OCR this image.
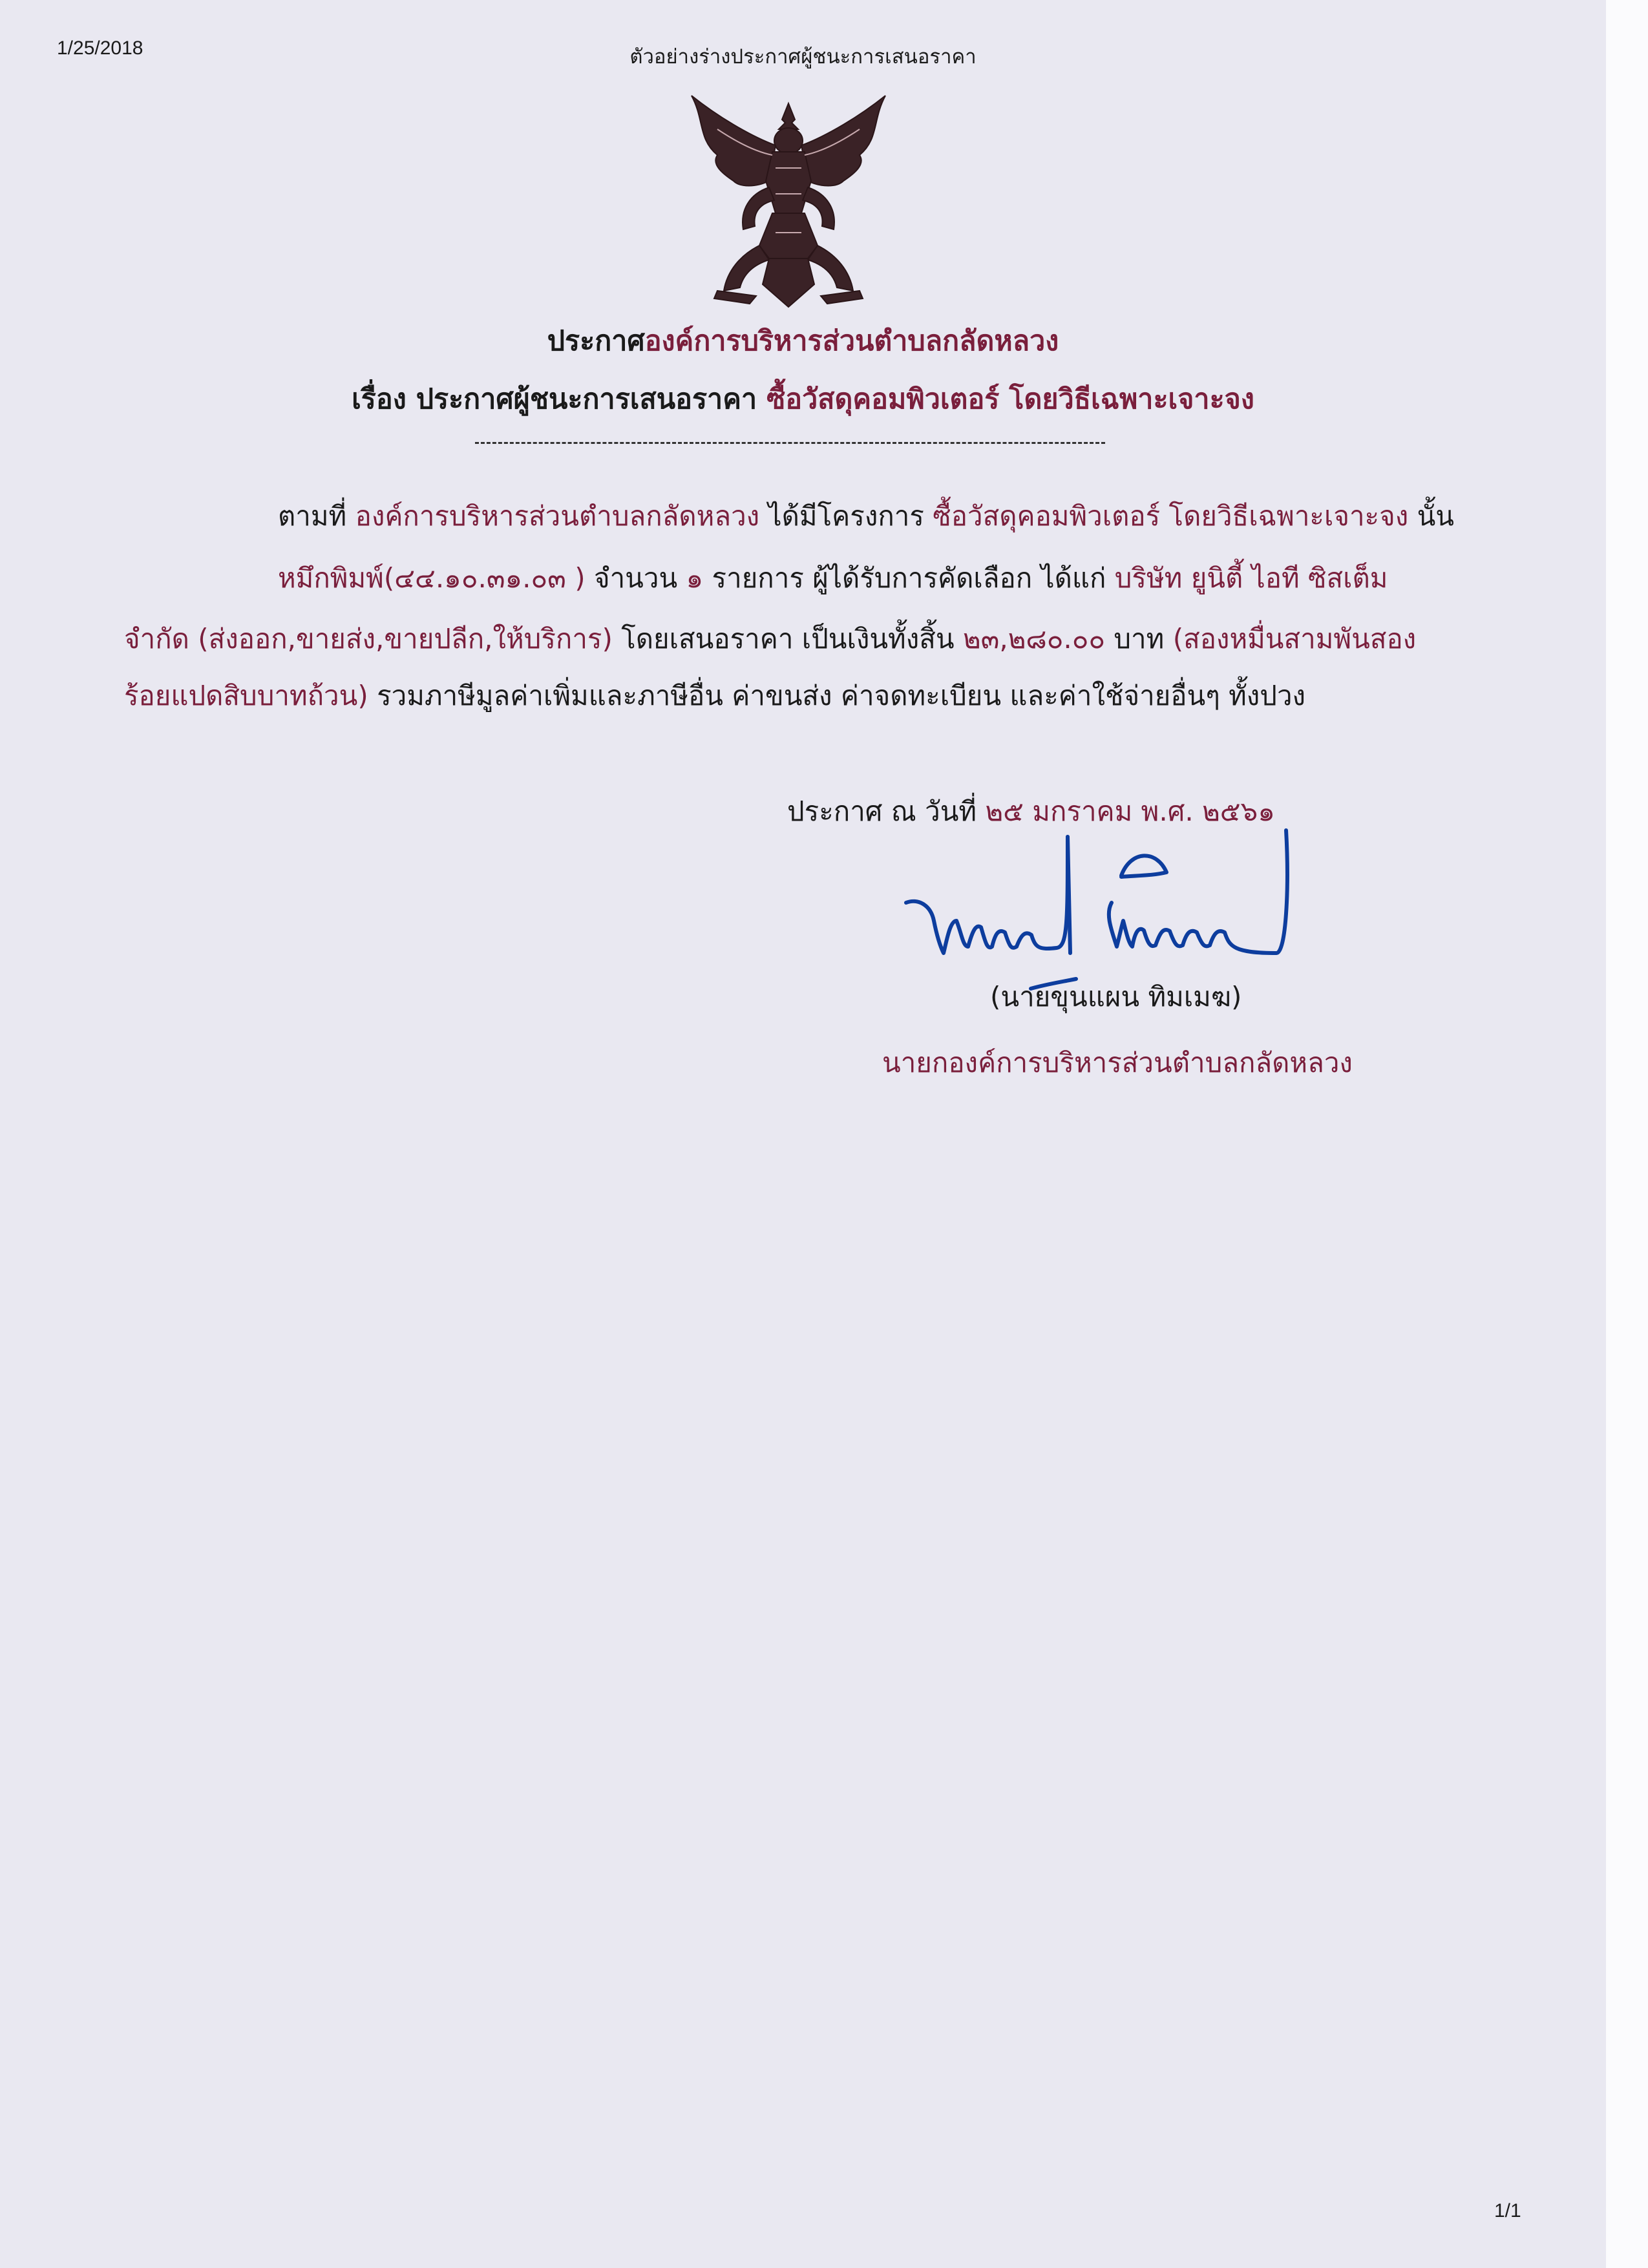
1/25/2018	ตัวอย่างร่างประกาศผู้ชนะการเสนอราคา
ประกาศองค์การบริหารส่วนตำบลกลัดหลวง
เรื่อง ประกาศผู้ชนะการเสนอราคา ซื้อวัสดุคอมพิวเตอร์ โดยวิธีเฉพาะเจาะจง
ตามที่ องค์การบริหารส่วนตำบลกลัดหลวง ได้มีโครงการ ซื้อวัสดุคอมพิวเตอร์ โดยวิธีเฉพาะเจาะจง นั้น
หมึกพิมพ์(๔๔.๑๐.๓๑.๐๓ ) จำนวน ๑ รายการ ผู้ได้รับการคัดเลือก ได้แก่ บริษัท ยูนิตี้ ไอที ซิสเต็ม
จำกัด (ส่งออก,ขายส่ง,ขายปลีก,ให้บริการ) โดยเสนอราคา เป็นเงินทั้งสิ้น ๒๓,๒๘๐.๐๐ บาท (สองหมื่นสามพันสอง
ร้อยแปดสิบบาทถ้วน) รวมภาษีมูลค่าเพิ่มและภาษีอื่น ค่าขนส่ง ค่าจดทะเบียน และค่าใช้จ่ายอื่นๆ ทั้งปวง
ประกาศ ณ วันที่ ๒๕ มกราคม พ.ศ. ๒๕๖๑
(นายขุนแผน ทิมเมฆ)
นายกองค์การบริหารส่วนตำบลกลัดหลวง
1/1
